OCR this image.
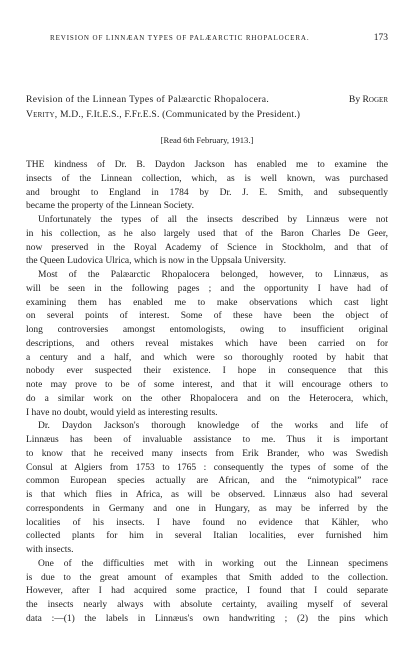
REVISION OF LINNÆAN TYPES OF PALÆARCTIC RHOPALOCERA.	173
Revision of the Linnean Types of Palæarctic Rhopalocera.	By Roger
Verity, M.D., F.It.E.S., F.Fr.E.S. (Communicated by the President.)
[Read 6th February, 1913.]
THE kindness of Dr. B. Daydon Jackson has enabled me to examine the
insects of the Linnean collection, which, as is well known, was purchased
and brought to England in 1784 by Dr. J. E. Smith, and subsequently
became the property of the Linnean Society.
Unfortunately the types of all the insects described by Linnæus were not
in his collection, as he also largely used that of the Baron Charles De Geer,
now preserved in the Royal Academy of Science in Stockholm, and that of
the Queen Ludovica Ulrica, which is now in the Uppsala University.
Most of the Palæarctic Rhopalocera belonged, however, to Linnæus, as
will be seen in the following pages ; and the opportunity I have had of
examining them has enabled me to make observations which cast light
on several points of interest. Some of these have been the object of
long controversies amongst entomologists, owing to insufficient original
descriptions, and others reveal mistakes which have been carried on for
a century and a half, and which were so thoroughly rooted by habit that
nobody ever suspected their existence. I hope in consequence that this
note may prove to be of some interest, and that it will encourage others to
do a similar work on the other Rhopalocera and on the Heterocera, which,
I have no doubt, would yield as interesting results.
Dr. Daydon Jackson's thorough knowledge of the works and life of
Linnæus has been of invaluable assistance to me. Thus it is important
to know that he received many insects from Erik Brander, who was Swedish
Consul at Algiers from 1753 to 1765 : consequently the types of some of the
common European species actually are African, and the “nimotypical” race
is that which flies in Africa, as will be observed. Linnæus also had several
correspondents in Germany and one in Hungary, as may be inferred by the
localities of his insects. I have found no evidence that Kähler, who
collected plants for him in several Italian localities, ever furnished him
with insects.
One of the difficulties met with in working out the Linnean specimens
is due to the great amount of examples that Smith added to the collection.
However, after I had acquired some practice, I found that I could separate
the insects nearly always with absolute certainty, availing myself of several
data :—(1) the labels in Linnæus's own handwriting ; (2) the pins which
